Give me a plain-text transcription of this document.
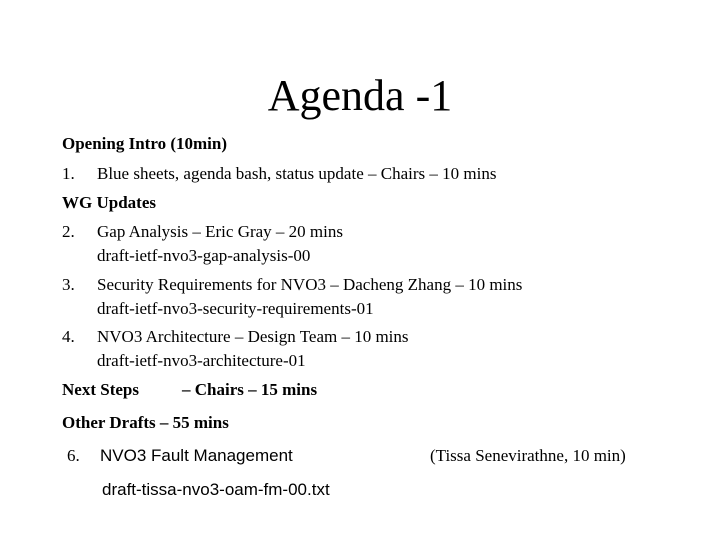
Agenda -1
Opening Intro (10min)
1. Blue sheets, agenda bash, status update – Chairs – 10 mins
WG Updates
2. Gap Analysis – Eric Gray – 20 mins
draft-ietf-nvo3-gap-analysis-00
3. Security Requirements for NVO3 – Dacheng Zhang – 10 mins
draft-ietf-nvo3-security-requirements-01
4. NVO3 Architecture – Design Team – 10 mins
draft-ietf-nvo3-architecture-01
Next Steps	– Chairs – 15 mins
Other Drafts – 55 mins
6. NVO3 Fault Management	(Tissa Senevirathne, 10 min)
draft-tissa-nvo3-oam-fm-00.txt
